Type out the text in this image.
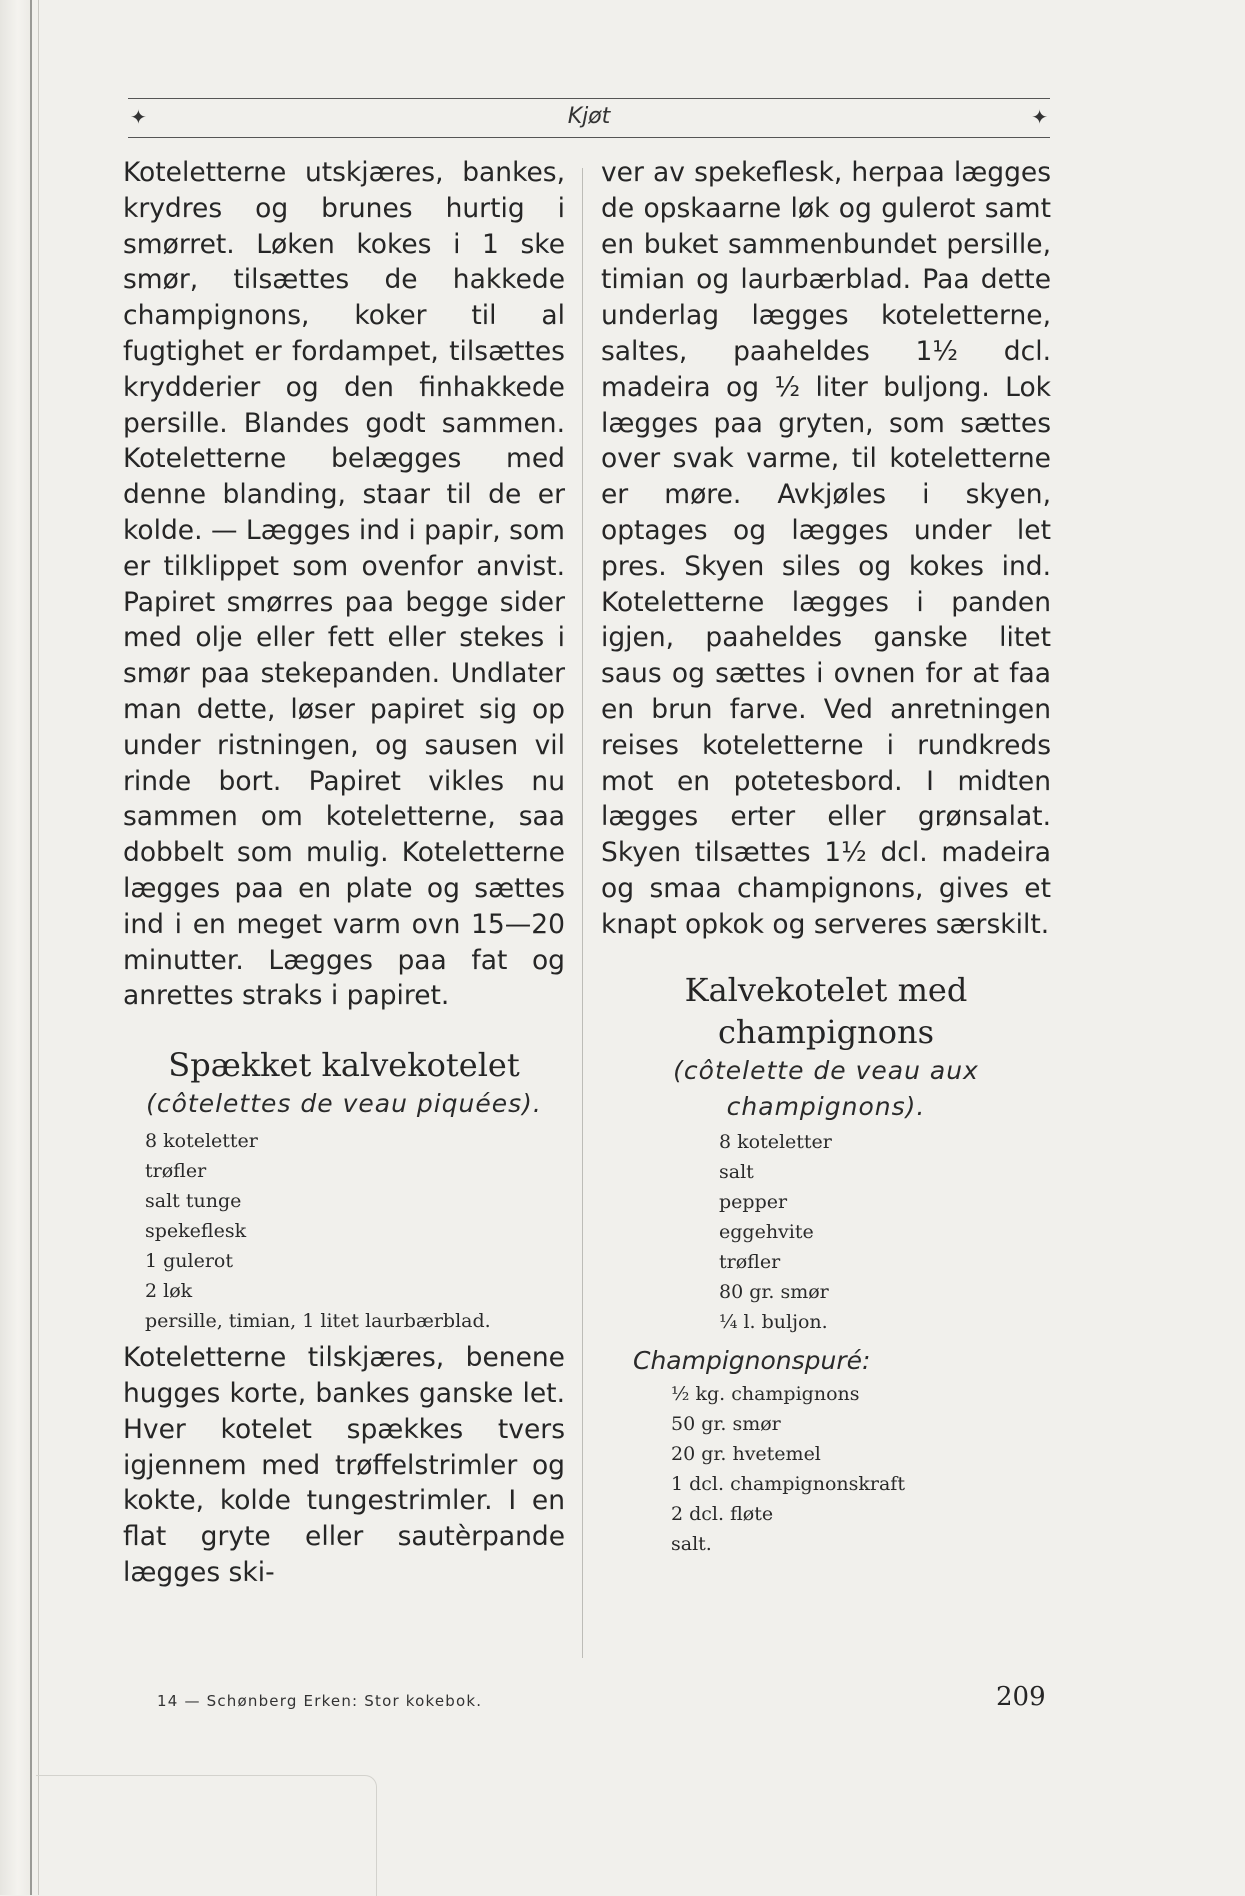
✦	Kjøt	✦

Koteletterne utskjæres, bankes, krydres og brunes hurtig i smørret. Løken kokes i 1 ske smør, tilsættes de hakkede champignons, koker til al fugtighet er fordampet, tilsættes krydderier og den finhakkede persille. Blandes godt sammen. Koteletterne belægges med denne blanding, staar til de er kolde. — Lægges ind i papir, som er tilklippet som ovenfor anvist. Papiret smørres paa begge sider med olje eller fett eller stekes i smør paa stekepanden. Undlater man dette, løser papiret sig op under ristningen, og sausen vil rinde bort. Papiret vikles nu sammen om koteletterne, saa dobbelt som mulig. Koteletterne lægges paa en plate og sættes ind i en meget varm ovn 15—20 minutter. Lægges paa fat og anrettes straks i papiret.

Spækket kalvekotelet

(côtelettes de veau piquées).

8 koteletter
trøfler
salt tunge
spekeflesk
1 gulerot
2 løk
persille, timian, 1 litet laurbærblad.

Koteletterne tilskjæres, benene hugges korte, bankes ganske let. Hver kotelet spækkes tvers igjennem med trøffelstrimler og kokte, kolde tungestrimler. I en flat gryte eller sautèrpande lægges ski-

ver av spekeflesk, herpaa lægges de opskaarne løk og gulerot samt en buket sammenbundet persille, timian og laurbærblad. Paa dette underlag lægges koteletterne, saltes, paaheldes 1½ dcl. madeira og ½ liter buljong. Lok lægges paa gryten, som sættes over svak varme, til koteletterne er møre. Avkjøles i skyen, optages og lægges under let pres. Skyen siles og kokes ind. Koteletterne lægges i panden igjen, paaheldes ganske litet saus og sættes i ovnen for at faa en brun farve. Ved anretningen reises koteletterne i rundkreds mot en potetesbord. I midten lægges erter eller grønsalat. Skyen tilsættes 1½ dcl. madeira og smaa champignons, gives et knapt opkok og serveres særskilt.

Kalvekotelet med champignons

(côtelette de veau aux champignons).

8 koteletter
salt
pepper
eggehvite
trøfler
80 gr. smør
¼ l. buljon.

Champignonspuré:

½ kg. champignons
50 gr. smør
20 gr. hvetemel
1 dcl. champignonskraft
2 dcl. fløte
salt.
14 — Schønberg Erken: Stor kokebok.	209
